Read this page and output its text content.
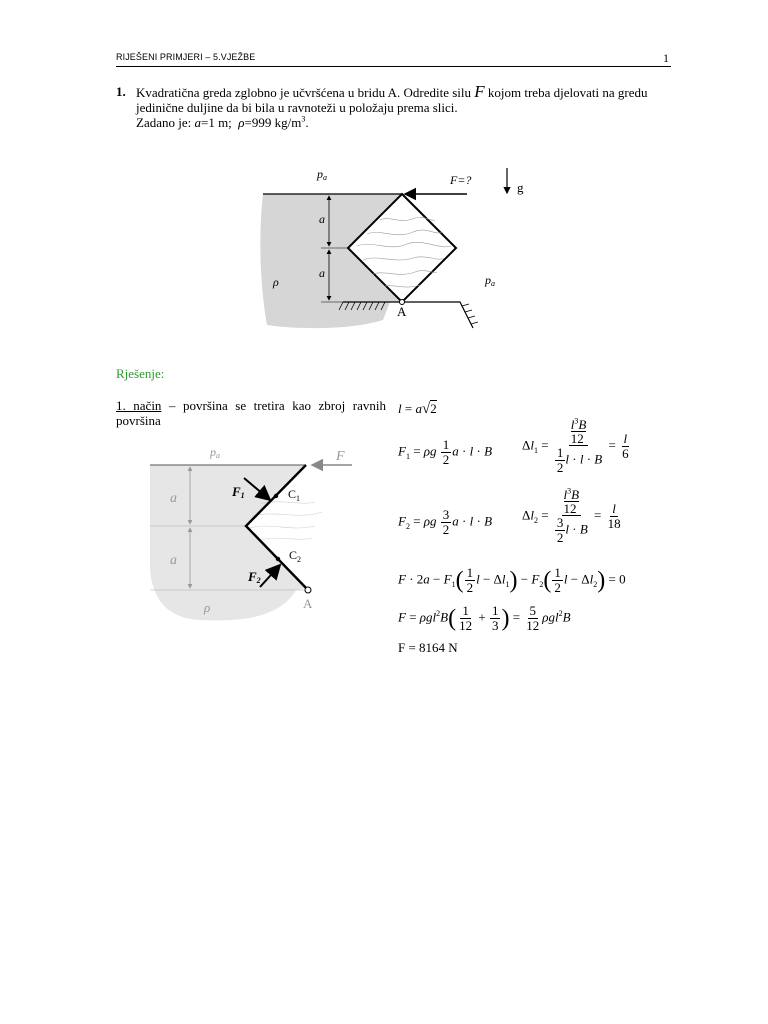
RIJEŠENI PRIMJERI – 5.VJEŽBE	1
1. Kvadratična greda zglobno je učvršćena u bridu A. Odredite silu F kojom treba djelovati na gredu jedinične duljine da bi bila u ravnoteži u položaju prema slici.
Zadano je: a=1 m; ρ=999 $kg/m^3$.
pa	F=?	g
a
a
ρ	pa
A
Rješenje:
1. način – površina se tretira kao zbroj ravnih površina
pa	F
F1	$C_1$
$C_2$
F2
a
a
ρ	A
l = a√2
$F_1 = \rho g \frac{1}{2}$ a · l · B $\Delta l_1$ =
$l^3B$

12
$\frac{1}{2}$ l · l · B
= $\frac{l}{6}$
$F_2 = \rho g \frac{3}{2}$ a · l · B $\Delta l_2$ =
$l^3B$

12
$\frac{3}{2}$ l · B
= $\frac{l}{18}$
$F \cdot 2a - F_1( \frac{1}{2}$ $l - \Delta l_1) - F_2( \frac{1}{2}$ $l - \Delta l_2) = 0$
$F = \rho gl^2B( \frac{1}{12} + \frac{1}{3}$ ) = $\frac{5}{12} \rho gl^2B$
F = 8164 N
